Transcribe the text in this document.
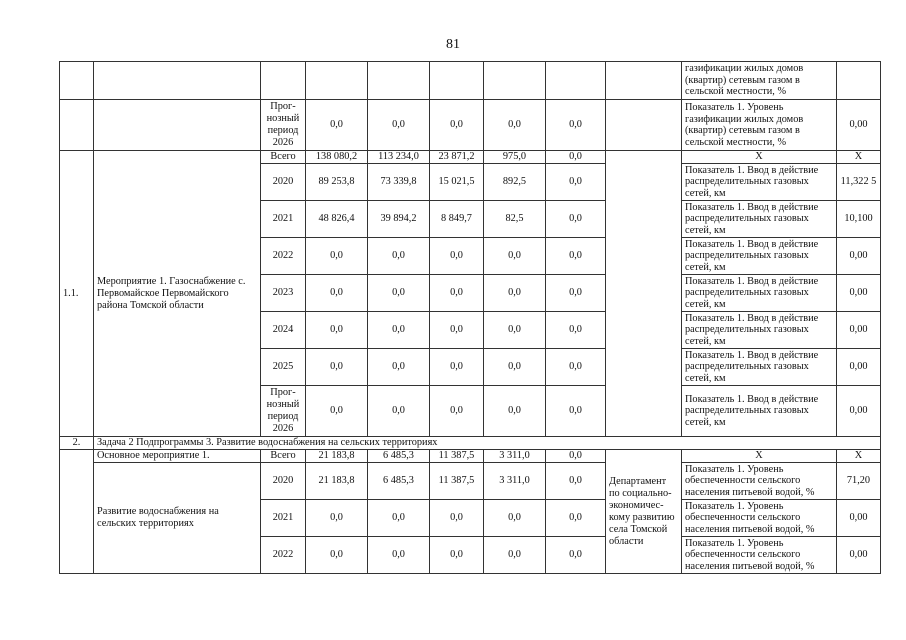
81
									газификации жилых домов (квартир) сетевым газом в сельской местности, %	
		Прог-нозный период 2026	0,0	0,0	0,0	0,0	0,0		Показатель 1. Уровень газификации жилых домов (квартир) сетевым газом в сельской местности, %	0,00
1.1.	Мероприятие 1. Газоснабжение с. Первомайское Первомайского района Томской области	Всего	138 080,2	113 234,0	23 871,2	975,0	0,0		Х	Х
		2020	89 253,8	73 339,8	15 021,5	892,5	0,0		Показатель 1. Ввод в действие распределительных газовых сетей, км	11,322 5
		2021	48 826,4	39 894,2	8 849,7	82,5	0,0		Показатель 1. Ввод в действие распределительных газовых сетей, км	10,100
		2022	0,0	0,0	0,0	0,0	0,0		Показатель 1. Ввод в действие распределительных газовых сетей, км	0,00
		2023	0,0	0,0	0,0	0,0	0,0		Показатель 1. Ввод в действие распределительных газовых сетей, км	0,00
		2024	0,0	0,0	0,0	0,0	0,0		Показатель 1. Ввод в действие распределительных газовых сетей, км	0,00
		2025	0,0	0,0	0,0	0,0	0,0		Показатель 1. Ввод в действие распределительных газовых сетей, км	0,00
		Прог-нозный период 2026	0,0	0,0	0,0	0,0	0,0		Показатель 1. Ввод в действие распределительных газовых сетей, км	0,00
2.	Задача 2 Подпрограммы 3. Развитие водоснабжения на сельских территориях									
	Основное мероприятие 1.	Всего	21 183,8	6 485,3	11 387,5	3 311,0	0,0	Департамент по социально-экономичес-кому развитию села Томской области	Х	Х
	Развитие водоснабжения на сельских территориях	2020	21 183,8	6 485,3	11 387,5	3 311,0	0,0		Показатель 1. Уровень обеспеченности сельского населения питьевой водой, %	71,20
		2021	0,0	0,0	0,0	0,0	0,0		Показатель 1. Уровень обеспеченности сельского населения питьевой водой, %	0,00
		2022	0,0	0,0	0,0	0,0	0,0		Показатель 1. Уровень обеспеченности сельского населения питьевой водой, %	0,00
